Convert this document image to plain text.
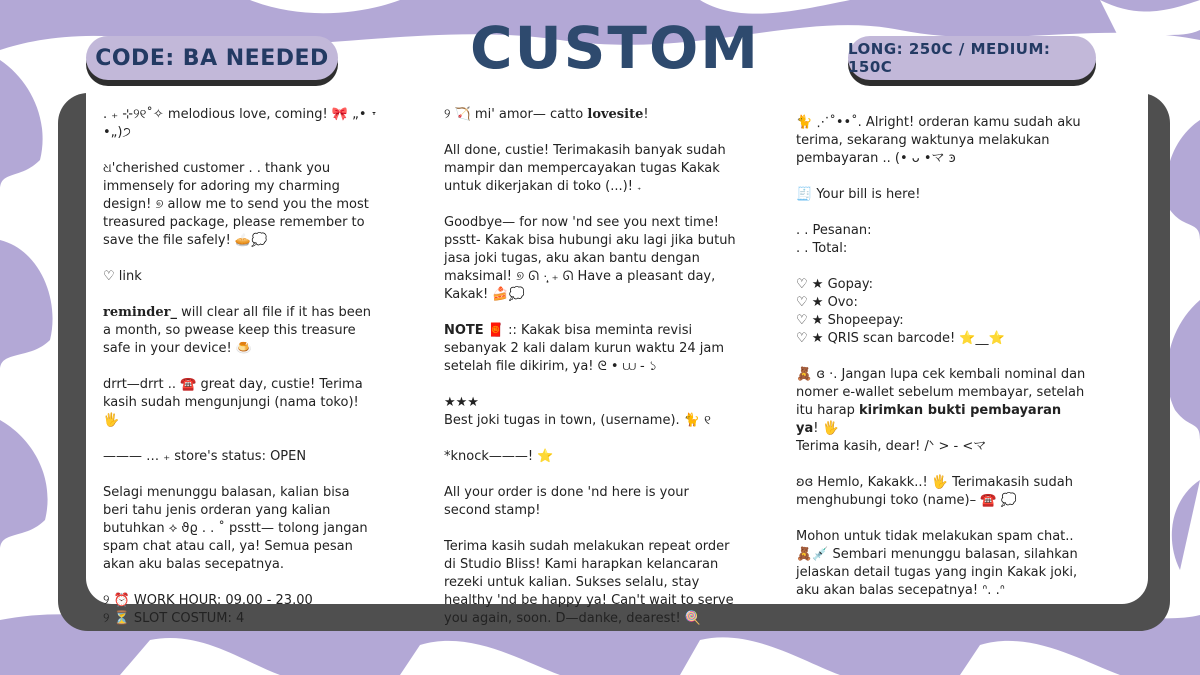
CODE: BA NEEDED CUSTOM	LONG: 250C / MEDIUM: 150C

. ₊ ⊹୨୧˚✧ melodious love, coming! 🎀 „• ˕ •„)੭

ଧ'cherished customer . . thank you immensely for adoring my charming design! ୭ allow me to send you the most treasured package, please remember to save the file safely! 🥧💭

♡ link

reminder_ will clear all file if it has been a month, so pwease keep this treasure safe in your device! 🍮

drrt—drrt .. ☎️ great day, custie! Terima kasih sudah mengunjungi (nama toko)! 🖐

——— … ₊ store's status: OPEN

Selagi menunggu balasan, kalian bisa beri tahu jenis orderan yang kalian butuhkan ⟡ ϑϱ . . ˚ psstt— tolong jangan spam chat atau call, ya! Semua pesan akan aku balas secepatnya.

୨ ⏰ WORK HOUR: 09.00 - 23.00

୨ ⏳ SLOT COSTUM: 4

୨ 🏹 mi' amor— catto lovesite!

All done, custie! Terimakasih banyak sudah mampir dan mempercayakan tugas Kakak untuk dikerjakan di toko (...)! 𝅄

Goodbye— for now 'nd see you next time! psstt- Kakak bisa hubungi aku lagi jika butuh jasa joki tugas, aku akan bantu dengan maksimal! ୭ ᘏ ·̩͙ ₊ ᘏ Have a pleasant day, Kakak! 🍰💭

NOTE 🧧 :: Kakak bisa meminta revisi sebanyak 2 kali dalam kurun waktu 24 jam setelah file dikirim, ya! ᘓ • ⩊ - ১

★★★

Best joki tugas in town, (username). 🐈 ୧

*knock———! ⭐

All your order is done 'nd here is your second stamp!

Terima kasih sudah melakukan repeat order di Studio Bliss! Kami harapkan kelancaran rezeki untuk kalian. Sukses selalu, stay healthy 'nd be happy ya! Can't wait to serve you again, soon. D—danke, dearest! 🍭

🐈 ⋰˚••˚. Alright! orderan kamu sudah aku terima, sekarang waktunya melakukan pembayaran .. (• ᴗ •マ ͽ

🧾 Your bill is here!

. . Pesanan:

. . Total:

♡ ★ Gopay:

♡ ★ Ovo:

♡ ★ Shopeepay:

♡ ★ QRIS scan barcode! ⭐__⭐

🧸 ɞ ·. Jangan lupa cek kembali nominal dan nomer e-wallet sebelum membayar, setelah itu harap kirimkan bukti pembayaran ya! 🖐
Terima kasih, dear! /ᐠ > - <マ

ʚɞ Hemlo, Kakakk..! 🖐 Terimakasih sudah menghubungi toko (name)– ☎️ 💭

Mohon untuk tidak melakukan spam chat.. 🧸💉 Sembari menunggu balasan, silahkan jelaskan detail tugas yang ingin Kakak joki, aku akan balas secepatnya! ᐢ. .ᐢ
